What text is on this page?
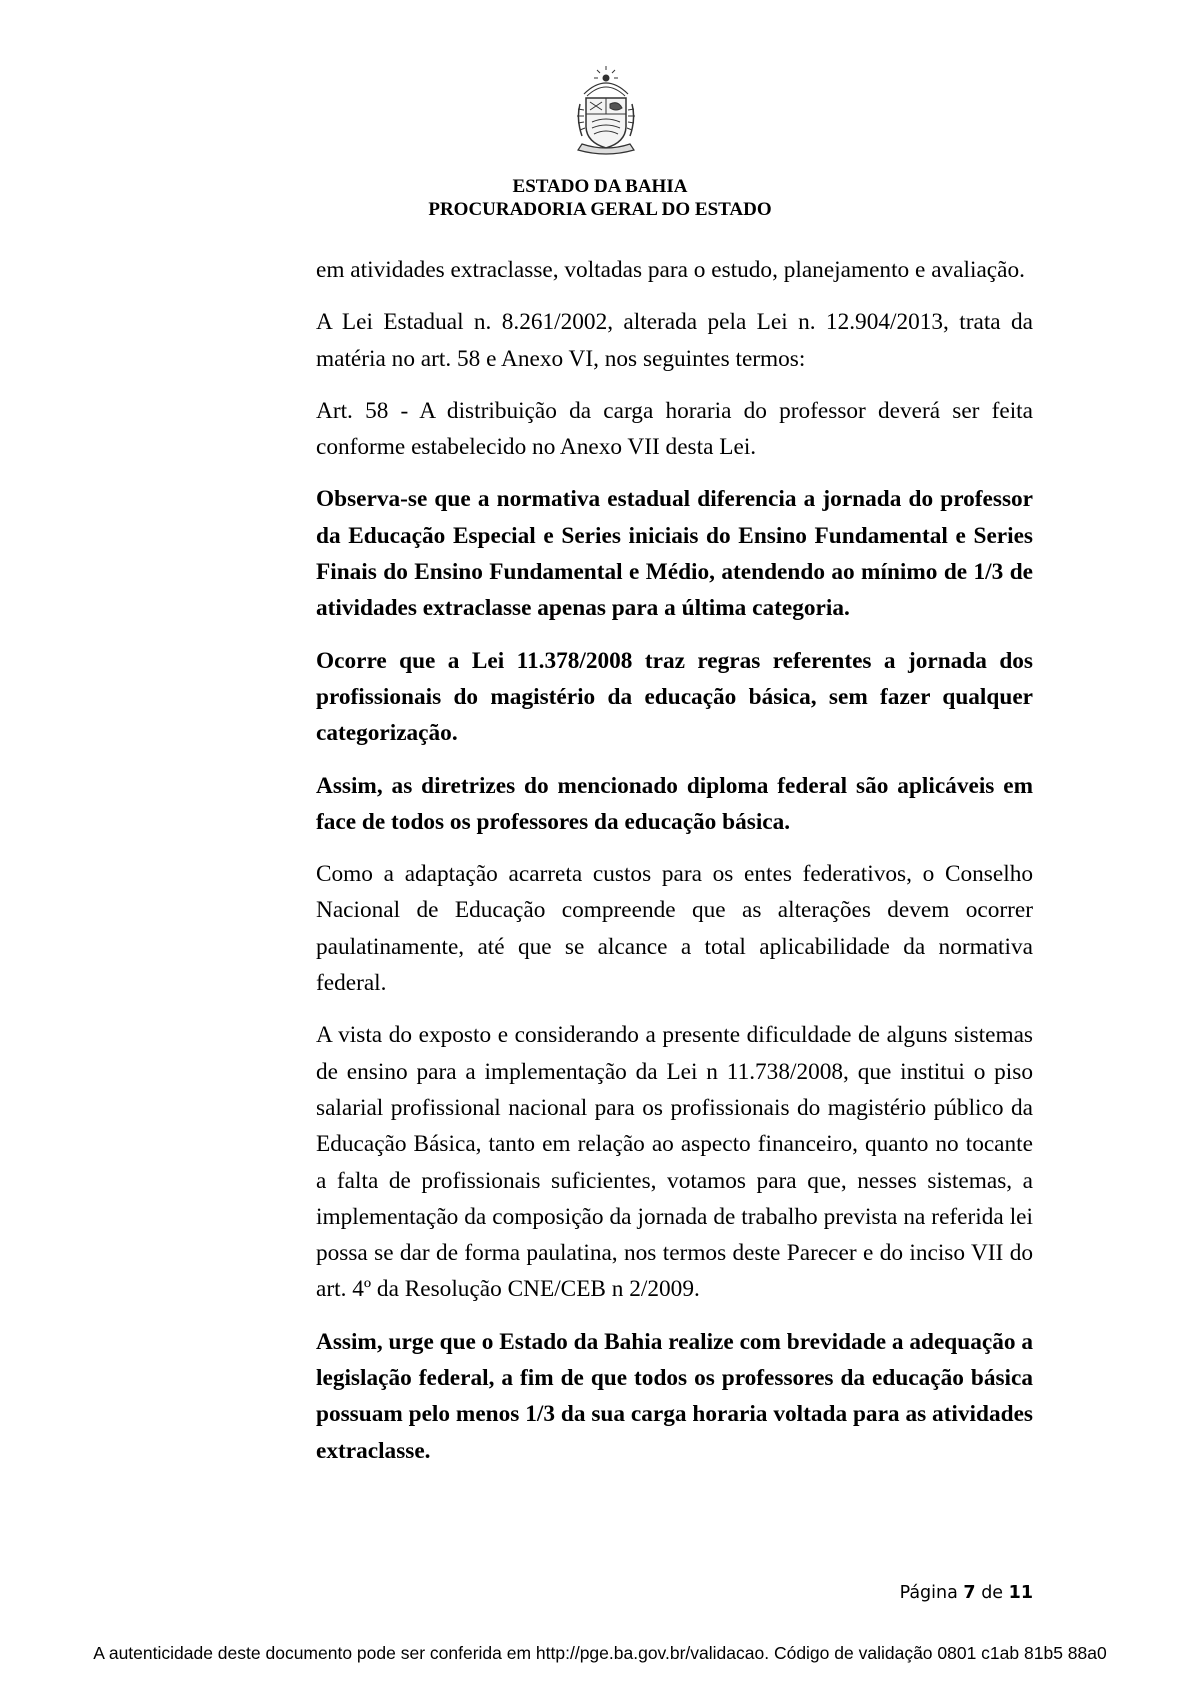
ESTADO DA BAHIA
PROCURADORIA GERAL DO ESTADO

em atividades extraclasse, voltadas para o estudo, planejamento e avaliação.

A Lei Estadual n. 8.261/2002, alterada pela Lei n. 12.904/2013, trata da matéria no art. 58 e Anexo VI, nos seguintes termos:

Art. 58 - A distribuição da carga horaria do professor deverá ser feita conforme estabelecido no Anexo VII desta Lei.

Observa-se que a normativa estadual diferencia a jornada do professor da Educação Especial e Series iniciais do Ensino Fundamental e Series Finais do Ensino Fundamental e Médio, atendendo ao mínimo de 1/3 de atividades extraclasse apenas para a última categoria.

Ocorre que a Lei 11.378/2008 traz regras referentes a jornada dos profissionais do magistério da educação básica, sem fazer qualquer categorização.

Assim, as diretrizes do mencionado diploma federal são aplicáveis em face de todos os professores da educação básica.

Como a adaptação acarreta custos para os entes federativos, o Conselho Nacional de Educação compreende que as alterações devem ocorrer paulatinamente, até que se alcance a total aplicabilidade da normativa federal.

A vista do exposto e considerando a presente dificuldade de alguns sistemas de ensino para a implementação da Lei n 11.738/2008, que institui o piso salarial profissional nacional para os profissionais do magistério público da Educação Básica, tanto em relação ao aspecto financeiro, quanto no tocante a falta de profissionais suficientes, votamos para que, nesses sistemas, a implementação da composição da jornada de trabalho prevista na referida lei possa se dar de forma paulatina, nos termos deste Parecer e do inciso VII do art. 4º da Resolução CNE/CEB n 2/2009.

Assim, urge que o Estado da Bahia realize com brevidade a adequação a legislação federal, a fim de que todos os professores da educação básica possuam pelo menos 1/3 da sua carga horaria voltada para as atividades extraclasse.

Página 7 de 11
A autenticidade deste documento pode ser conferida em http://pge.ba.gov.br/validacao. Código de validação 0801 c1ab 81b5 88a0
